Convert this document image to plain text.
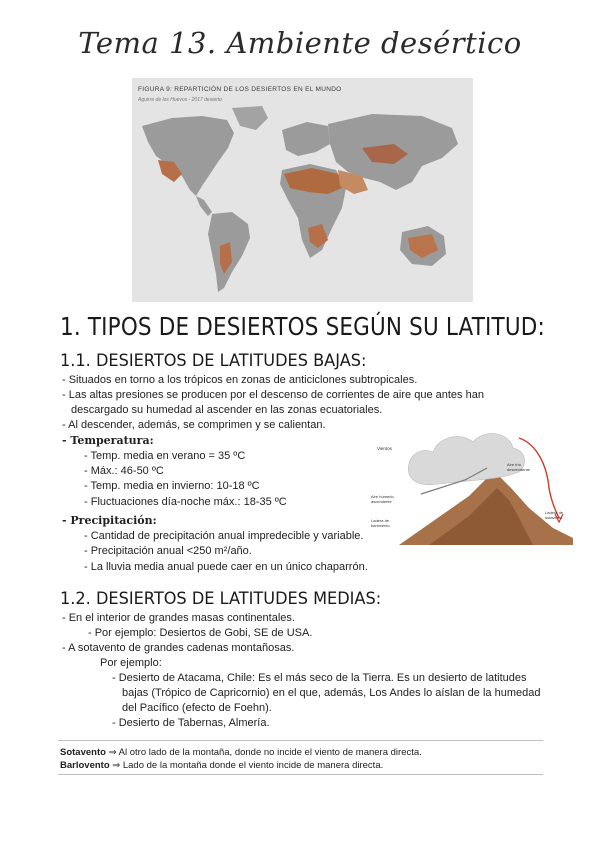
Tema 13. Ambiente desértico
FIGURA 9: REPARTICIÓN DE LOS DESIERTOS EN EL MUNDO
Aguirre de los Huevos - 2017 desierto
1. TIPOS DE DESIERTOS SEGÚN SU LATITUD:
1.1. DESIERTOS DE LATITUDES BAJAS:
- Situados en torno a los trópicos en zonas de anticiclones subtropicales.
- Las altas presiones se producen por el descenso de corrientes de aire que antes han
descargado su humedad al ascender en las zonas ecuatoriales.
- Al descender, además, se comprimen y se calientan.
- Temperatura:
- Temp. media en verano = 35 ºC
- Máx.: 46-50 ºC
- Temp. media en invierno: 10-18 ºC
- Fluctuaciones día-noche máx.: 18-35 ºC
- Precipitación:
- Cantidad de precipitación anual impredecible y variable.
- Precipitación anual <250 m²/año.
- La lluvia media anual puede caer en un único chaparrón.
Vientos
Aire frío descendente
Aire húmedo ascendente
Ladera de barlovento
Ladera de sotavento
1.2. DESIERTOS DE LATITUDES MEDIAS:
- En el interior de grandes masas continentales.
- Por ejemplo: Desiertos de Gobi, SE de USA.
- A sotavento de grandes cadenas montañosas.
Por ejemplo:
- Desierto de Atacama, Chile: Es el más seco de la Tierra. Es un desierto de latitudes
bajas (Trópico de Capricornio) en el que, además, Los Andes lo aíslan de la humedad
del Pacífico (efecto de Foehn).
- Desierto de Tabernas, Almería.
Sotavento ⇒ Al otro lado de la montaña, donde no incide el viento de manera directa.
Barlovento ⇒ Lado de la montaña donde el viento incide de manera directa.
